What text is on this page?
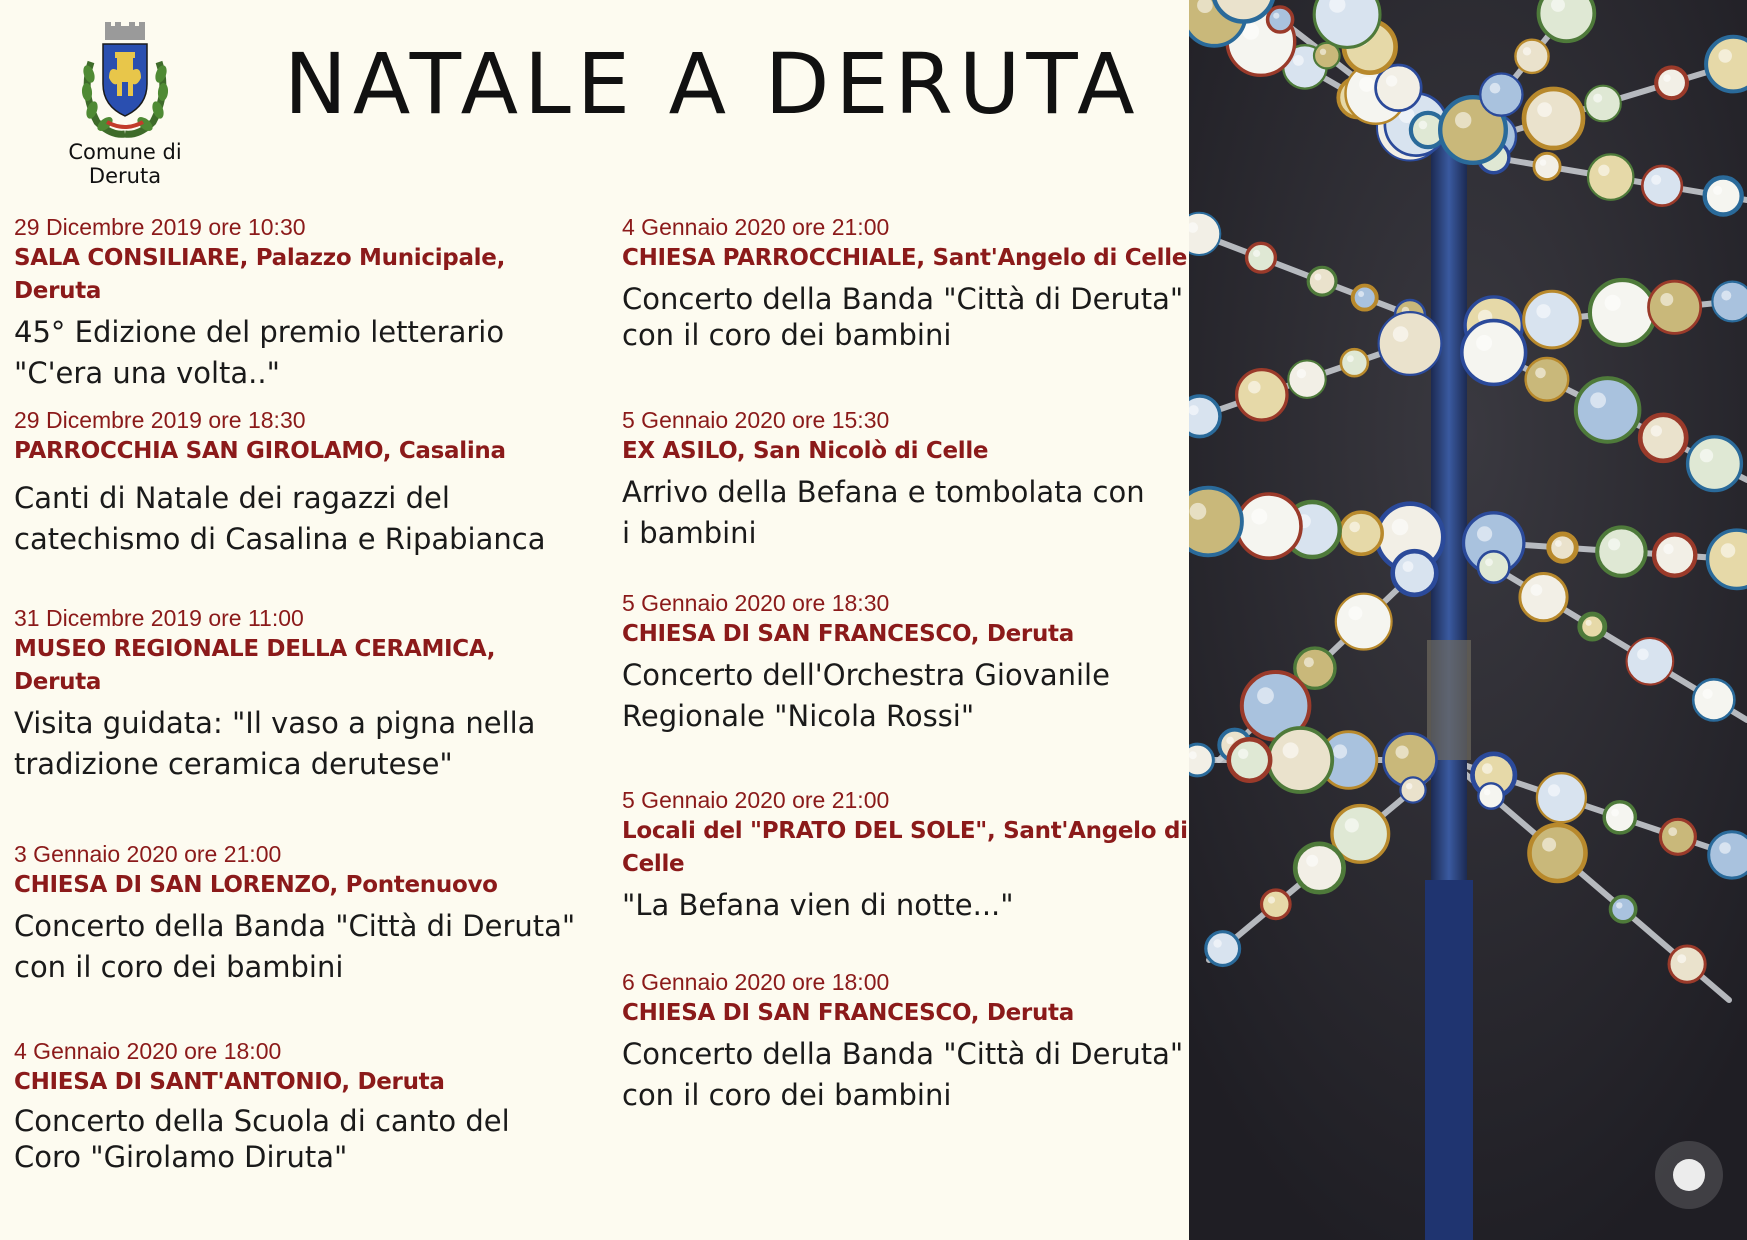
Comune di Deruta
NATALE A DERUTA
29 Dicembre 2019 ore 10:30
SALA CONSILIARE, Palazzo Municipale, Deruta
45° Edizione del premio letterario
"C'era una volta.."
29 Dicembre 2019 ore 18:30
PARROCCHIA SAN GIROLAMO, Casalina
Canti di Natale dei ragazzi del
catechismo di Casalina e Ripabianca
31 Dicembre 2019 ore 11:00
MUSEO REGIONALE DELLA CERAMICA,
Deruta
Visita guidata: "Il vaso a pigna nella
tradizione ceramica derutese"
3 Gennaio 2020 ore 21:00
CHIESA DI SAN LORENZO, Pontenuovo
Concerto della Banda "Città di Deruta"
con il coro dei bambini
4 Gennaio 2020 ore 18:00
CHIESA DI SANT'ANTONIO, Deruta
Concerto della Scuola di canto del
Coro "Girolamo Diruta"
4 Gennaio 2020 ore 21:00
CHIESA PARROCCHIALE, Sant'Angelo di Celle
Concerto della Banda "Città di Deruta"
con il coro dei bambini
5 Gennaio 2020 ore 15:30
EX ASILO, San Nicolò di Celle
Arrivo della Befana e tombolata con
i bambini
5 Gennaio 2020 ore 18:30
CHIESA DI SAN FRANCESCO, Deruta
Concerto dell'Orchestra Giovanile
Regionale "Nicola Rossi"
5 Gennaio 2020 ore 21:00
Locali del "PRATO DEL SOLE", Sant'Angelo di
Celle
"La Befana vien di notte..."
6 Gennaio 2020 ore 18:00
CHIESA DI SAN FRANCESCO, Deruta
Concerto della Banda "Città di Deruta"
con il coro dei bambini
